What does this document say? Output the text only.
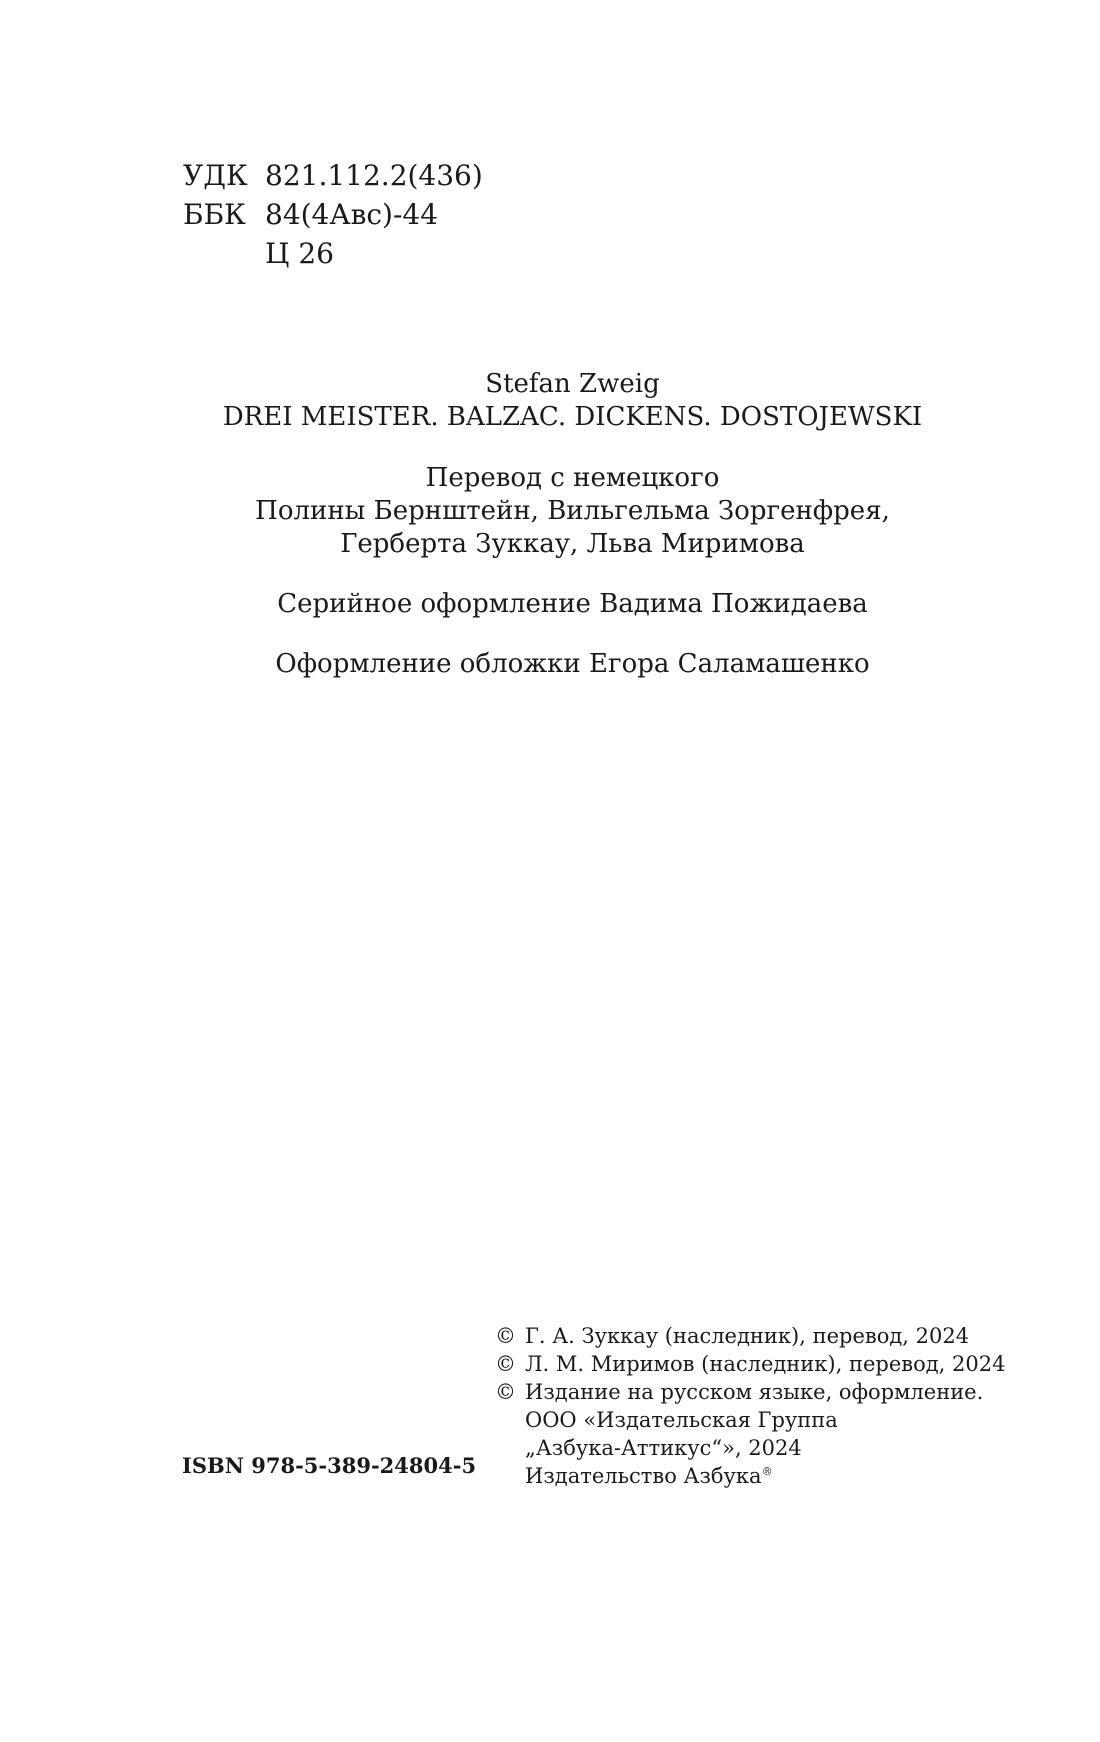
УДК 821.112.2(436)
ББК 84(4Авс)-44
Ц 26
Stefan Zweig
DREI MEISTER. BALZAC. DICKENS. DOSTOJEWSKI
Перевод с немецкого
Полины Бернштейн, Вильгельма Зоргенфрея,
Герберта Зуккау, Льва Миримова
Серийное оформление Вадима Пожидаева
Оформление обложки Егора Саламашенко
ISBN 978-5-389-24804-5
© Г. А. Зуккау (наследник), перевод, 2024
© Л. М. Миримов (наследник), перевод, 2024
© Издание на русском языке, оформление.
ООО «Издательская Группа
„Азбука-Аттикус“», 2024
Издательство Азбука®
